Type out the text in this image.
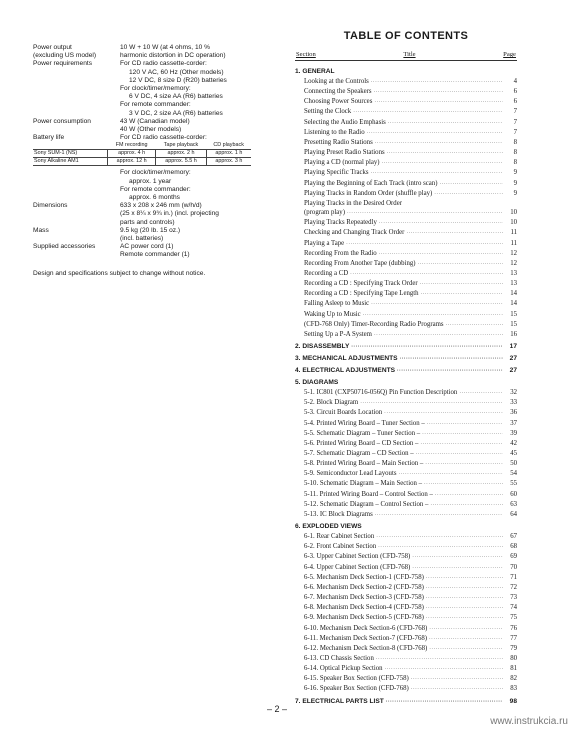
Power output	10 W + 10 W (at 4 ohms, 10 %
(excluding US model)	harmonic distortion in DC operation)
Power requirements	For CD radio cassette-corder:
120 V AC, 60 Hz (Other models)
12 V DC, 8 size D (R20) batteries
For clock/timer/memory:
6 V DC, 4 size AA (R6) batteries
For remote commander:
3 V DC, 2 size AA (R6) batteries
Power consumption	43 W (Canadian model)
40 W (Other models)
Battery life	For CD radio cassette-corder:
	FM recording	Tape playback	CD playback
Sony SUM-1 (NS)	approx. 4 h	approx. 2 h	approx. 1 h
Sony Alkaline AM1	approx. 12 h	approx. 5.5 h	approx. 3 h
For clock/timer/memory:
approx. 1 year
For remote commander:
approx. 6 months
Dimensions	633 x 208 x 246 mm (w/h/d)
(25 x 8¼ x 9¾ in.) (incl. projecting
parts and controls)
Mass	9.5 kg (20 lb. 15 oz.)
(incl. batteries)
Supplied accessories	AC power cord (1)
Remote commander (1)
Design and specifications subject to change without notice.
TABLE OF CONTENTS
Section	Title	Page
1. GENERAL
Looking at the Controls ·····	4
Connecting the Speakers ·····	6
Choosing Power Sources ·····	6
Setting the Clock ·····	7
Selecting the Audio Emphasis ·····	7
Listening to the Radio ·····	7
Presetting Radio Stations ·····	8
Playing Preset Radio Stations ·····	8
Playing a CD (normal play) ·····	8
Playing Specific Tracks ·····	9
Playing the Beginning of Each Track (intro scan) ·····	9
Playing Tracks in Random Order (shuffle play) ·····	9
Playing Tracks in the Desired Order
(program play) ·····	10
Playing Tracks Repeatedly ·····	10
Checking and Changing Track Order ·····	11
Playing a Tape ·····	11
Recording From the Radio ·····	12
Recording From Another Tape (dubbing) ·····	12
Recording a CD ·····	13
Recording a CD : Specifying Track Order ·····	13
Recording a CD : Specifying Tape Length ·····	14
Falling Asleep to Music ·····	14
Waking Up to Music ·····	15
(CFD-768 Only) Timer-Recording Radio Programs ·····	15
Setting Up a P-A System ·····	16
2. DISASSEMBLY ·····	17
3. MECHANICAL ADJUSTMENTS ·····	27
4. ELECTRICAL ADJUSTMENTS ·····	27
5. DIAGRAMS
5-1. IC801 (CXP50716-056Q) Pin Function Description ·····	32
5-2. Block Diagram ·····	33
5-3. Circuit Boards Location ·····	36
5-4. Printed Wiring Board – Tuner Section – ·····	37
5-5. Schematic Diagram – Tuner Section – ·····	39
5-6. Printed Wiring Board – CD Section – ·····	42
5-7. Schematic Diagram – CD Section – ·····	45
5-8. Printed Wiring Board – Main Section – ·····	50
5-9. Semiconductor Lead Layouts ·····	54
5-10. Schematic Diagram – Main Section – ·····	55
5-11. Printed Wiring Board – Control Section – ·····	60
5-12. Schematic Diagram – Control Section – ·····	63
5-13. IC Block Diagrams ·····	64
6. EXPLODED VIEWS
6-1. Rear Cabinet Section ·····	67
6-2. Front Cabinet Section ·····	68
6-3. Upper Cabinet Section (CFD-758) ·····	69
6-4. Upper Cabinet Section (CFD-768) ·····	70
6-5. Mechanism Deck Section-1 (CFD-758) ·····	71
6-6. Mechanism Deck Section-2 (CFD-758) ·····	72
6-7. Mechanism Deck Section-3 (CFD-758) ·····	73
6-8. Mechanism Deck Section-4 (CFD-758) ·····	74
6-9. Mechanism Deck Section-5 (CFD-768) ·····	75
6-10. Mechanism Deck Section-6 (CFD-768) ·····	76
6-11. Mechanism Deck Section-7 (CFD-768) ·····	77
6-12. Mechanism Deck Section-8 (CFD-768) ·····	79
6-13. CD Chassis Section ·····	80
6-14. Optical Pickup Section ·····	81
6-15. Speaker Box Section (CFD-758) ·····	82
6-16. Speaker Box Section (CFD-768) ·····	83
7. ELECTRICAL PARTS LIST ·····	98
– 2 –
www.instrukcia.ru
